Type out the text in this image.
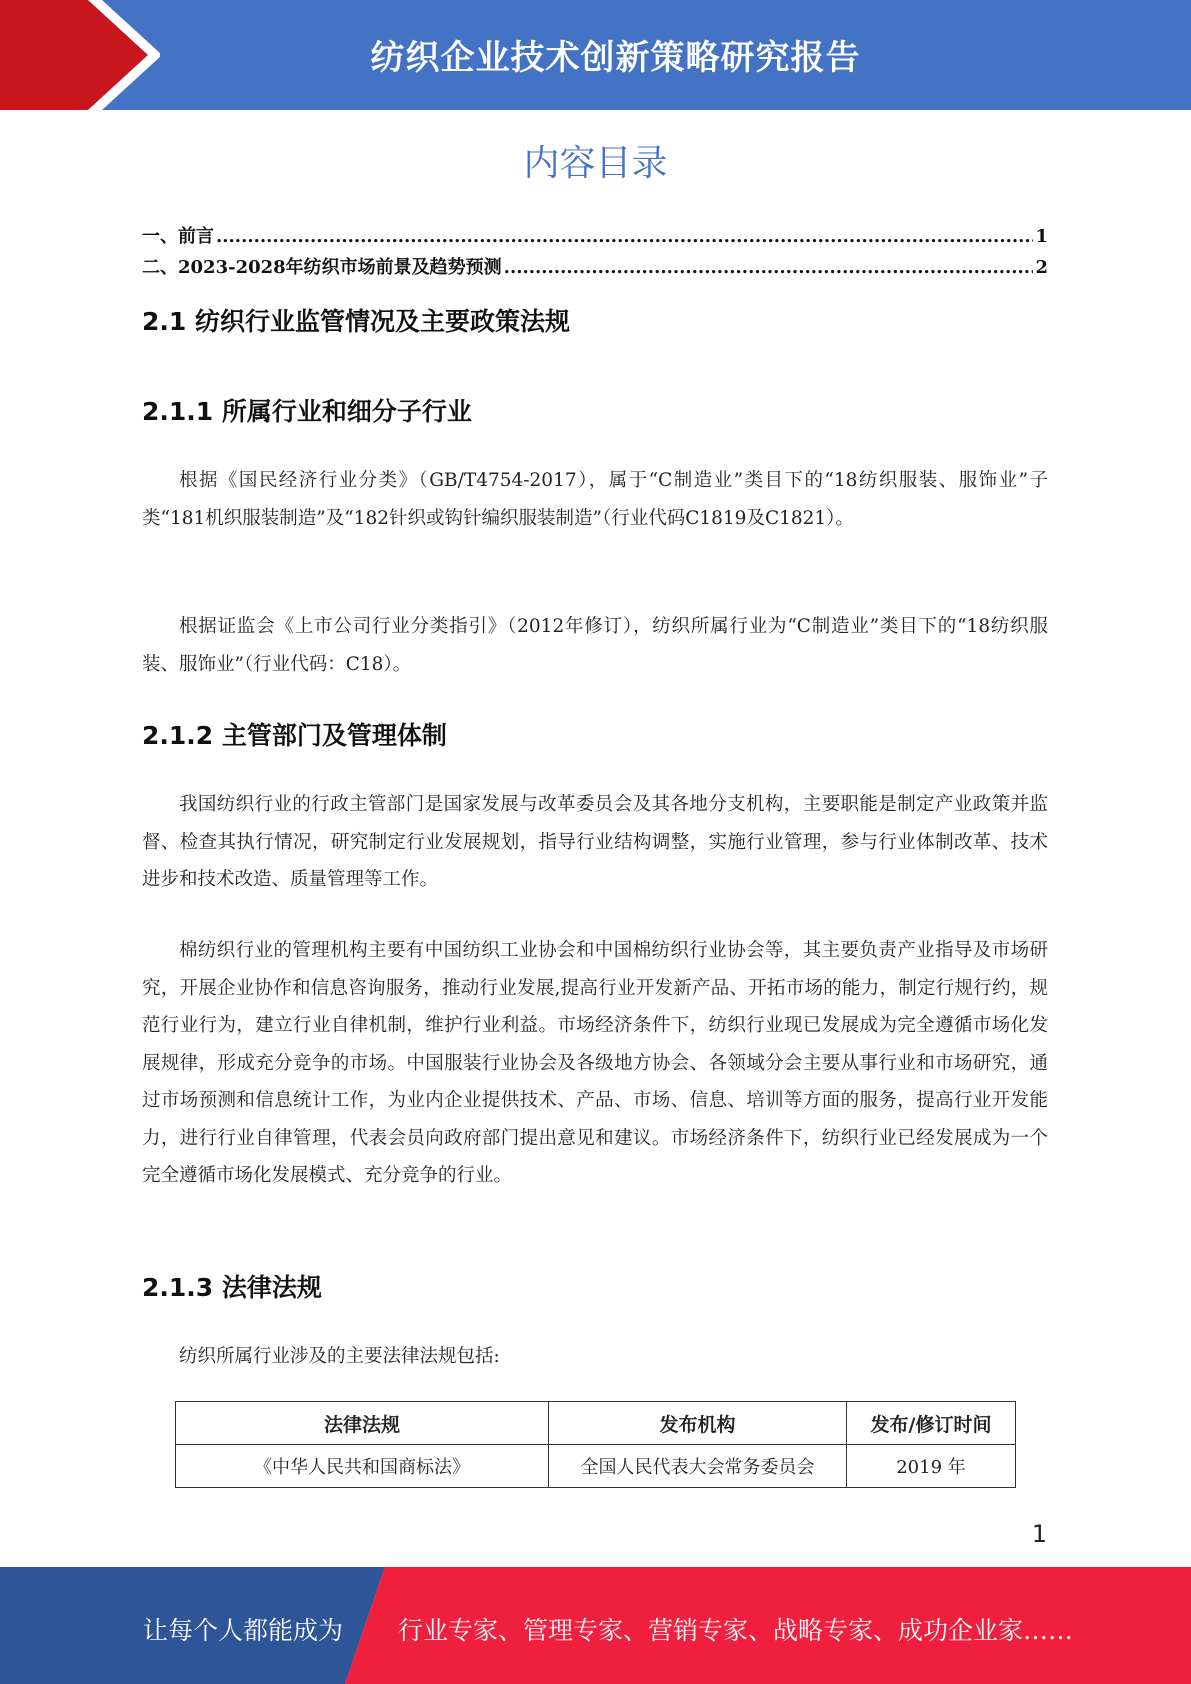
纺织企业技术创新策略研究报告
内容目录
一、前言 .....	1
二、2023-2028年纺织市场前景及趋势预测 .....	2
2.1 纺织行业监管情况及主要政策法规
2.1.1 所属行业和细分子行业

根据《国民经济行业分类》（GB/T4754-2017），属于“C制造业”类目下的“18纺织服装、服饰业”子类“181机织服装制造”及“182针织或钩针编织服装制造”（行业代码C1819及C1821）。

根据证监会《上市公司行业分类指引》（2012年修订），纺织所属行业为“C制造业”类目下的“18纺织服装、服饰业”（行业代码：C18）。

2.1.2 主管部门及管理体制

我国纺织行业的行政主管部门是国家发展与改革委员会及其各地分支机构，主要职能是制定产业政策并监督、检查其执行情况，研究制定行业发展规划，指导行业结构调整，实施行业管理，参与行业体制改革、技术进步和技术改造、质量管理等工作。

棉纺织行业的管理机构主要有中国纺织工业协会和中国棉纺织行业协会等，其主要负责产业指导及市场研究，开展企业协作和信息咨询服务，推动行业发展,提高行业开发新产品、开拓市场的能力，制定行规行约，规范行业行为，建立行业自律机制，维护行业利益。市场经济条件下，纺织行业现已发展成为完全遵循市场化发展规律，形成充分竞争的市场。中国服装行业协会及各级地方协会、各领域分会主要从事行业和市场研究，通过市场预测和信息统计工作，为业内企业提供技术、产品、市场、信息、培训等方面的服务，提高行业开发能力，进行行业自律管理，代表会员向政府部门提出意见和建议。市场经济条件下，纺织行业已经发展成为一个完全遵循市场化发展模式、充分竞争的行业。

2.1.3 法律法规

纺织所属行业涉及的主要法律法规包括:

法律法规	发布机构	发布/修订时间
《中华人民共和国商标法》	全国人民代表大会常务委员会	2019 年
1
让每个人都能成为 行业专家、管理专家、营销专家、战略专家、成功企业家……
